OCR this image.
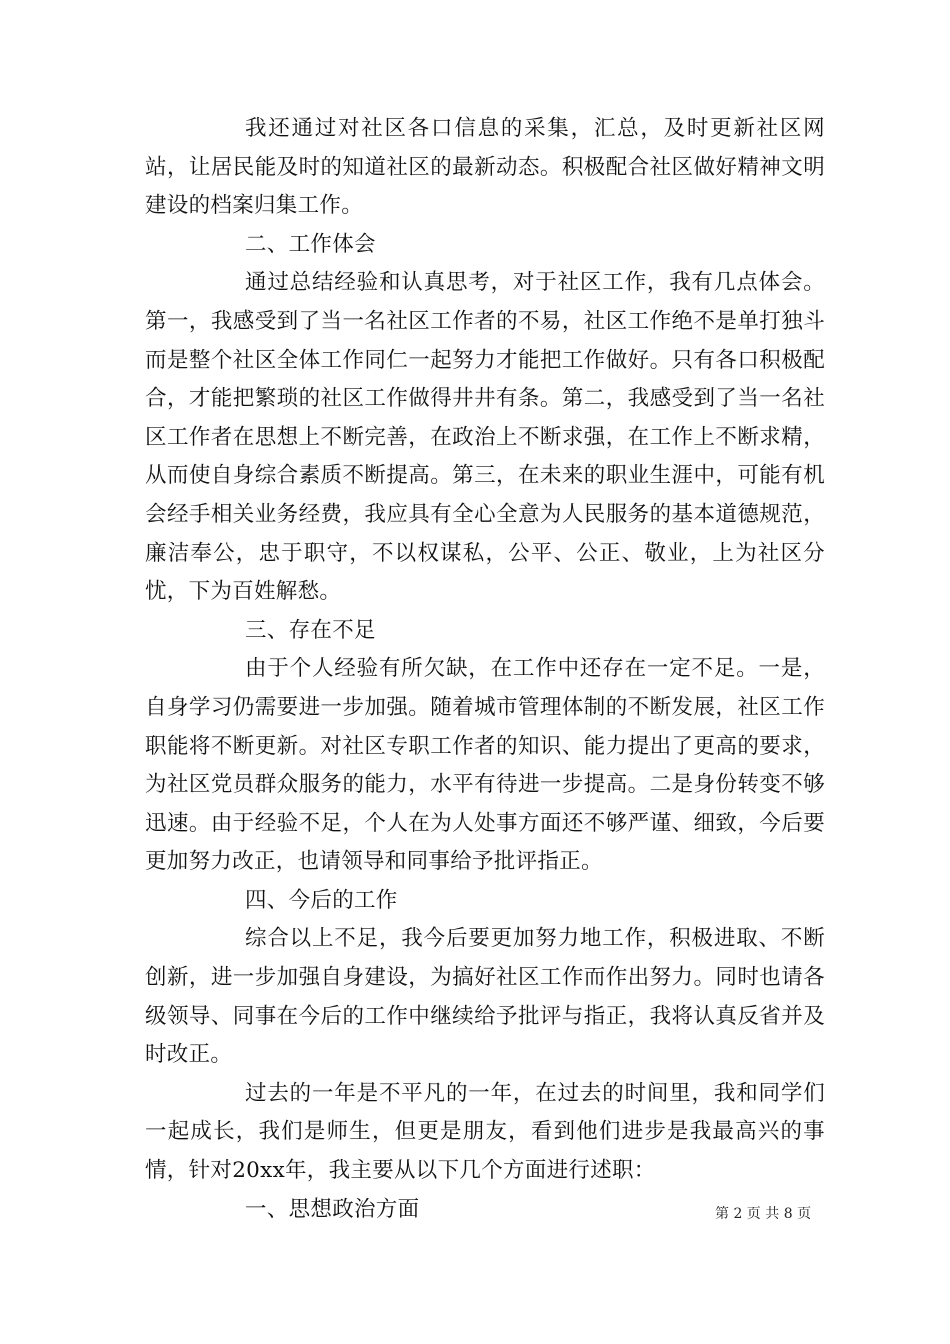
我还通过对社区各口信息的采集，汇总，及时更新社区网站，让居民能及时的知道社区的最新动态。积极配合社区做好精神文明建设的档案归集工作。

二、工作体会

通过总结经验和认真思考，对于社区工作，我有几点体会。第一，我感受到了当一名社区工作者的不易，社区工作绝不是单打独斗而是整个社区全体工作同仁一起努力才能把工作做好。只有各口积极配合，才能把繁琐的社区工作做得井井有条。第二，我感受到了当一名社区工作者在思想上不断完善，在政治上不断求强，在工作上不断求精，从而使自身综合素质不断提高。第三，在未来的职业生涯中，可能有机会经手相关业务经费，我应具有全心全意为人民服务的基本道德规范，廉洁奉公，忠于职守，不以权谋私，公平、公正、敬业，上为社区分忧，下为百姓解愁。

三、存在不足

由于个人经验有所欠缺，在工作中还存在一定不足。一是，自身学习仍需要进一步加强。随着城市管理体制的不断发展，社区工作职能将不断更新。对社区专职工作者的知识、能力提出了更高的要求，为社区党员群众服务的能力，水平有待进一步提高。二是身份转变不够迅速。由于经验不足，个人在为人处事方面还不够严谨、细致，今后要更加努力改正，也请领导和同事给予批评指正。

四、今后的工作

综合以上不足，我今后要更加努力地工作，积极进取、不断创新，进一步加强自身建设，为搞好社区工作而作出努力。同时也请各级领导、同事在今后的工作中继续给予批评与指正，我将认真反省并及时改正。

过去的一年是不平凡的一年，在过去的时间里，我和同学们一起成长，我们是师生，但更是朋友，看到他们进步是我最高兴的事情，针对20xx年，我主要从以下几个方面进行述职：

一、思想政治方面	第 2 页 共 8 页
